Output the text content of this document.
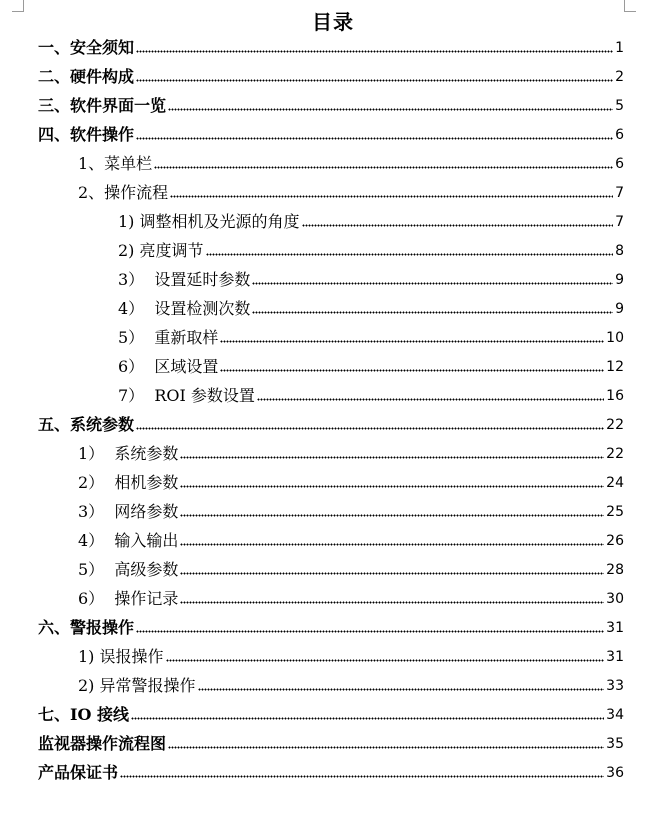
目录
一、安全须知	1
二、硬件构成	2
三、软件界面一览	5
四、软件操作	6
1、菜单栏	6
2、操作流程	7
1) 调整相机及光源的角度	7
2) 亮度调节	8
3）  设置延时参数	9
4）  设置检测次数	9
5）  重新取样	10
6）  区域设置	12
7）  ROI 参数设置	16
五、系统参数	22
1）  系统参数	22
2）  相机参数	24
3）  网络参数	25
4）  输入输出	26
5）  高级参数	28
6）  操作记录	30
六、警报操作	31
1) 误报操作	31
2) 异常警报操作	33
七、IO 接线	34
监视器操作流程图	35
产品保证书	36
